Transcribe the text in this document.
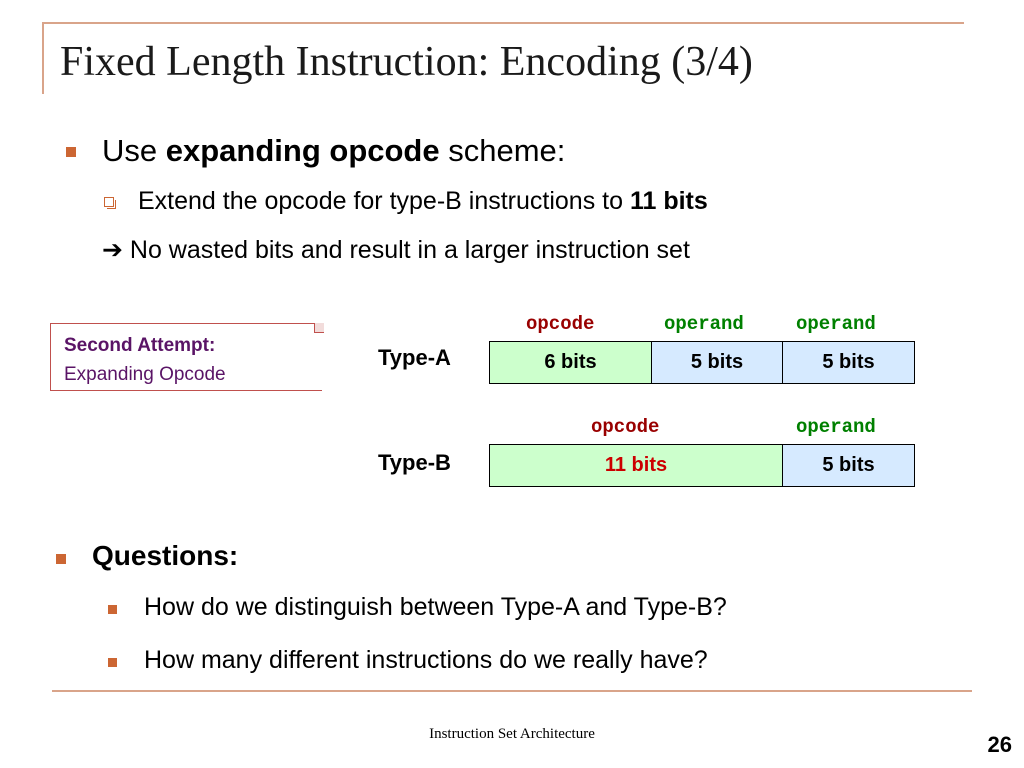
Fixed Length Instruction: Encoding (3/4)
Use expanding opcode scheme:
Extend the opcode for type-B instructions to 11 bits
➔ No wasted bits and result in a larger instruction set
Second Attempt:
Expanding Opcode
Type-A
opcode	operand	operand
6 bits	5 bits	5 bits
Type-B
opcode	operand
11 bits	5 bits
Questions:
How do we distinguish between Type-A and Type-B?
How many different instructions do we really have?
Instruction Set Architecture	26
